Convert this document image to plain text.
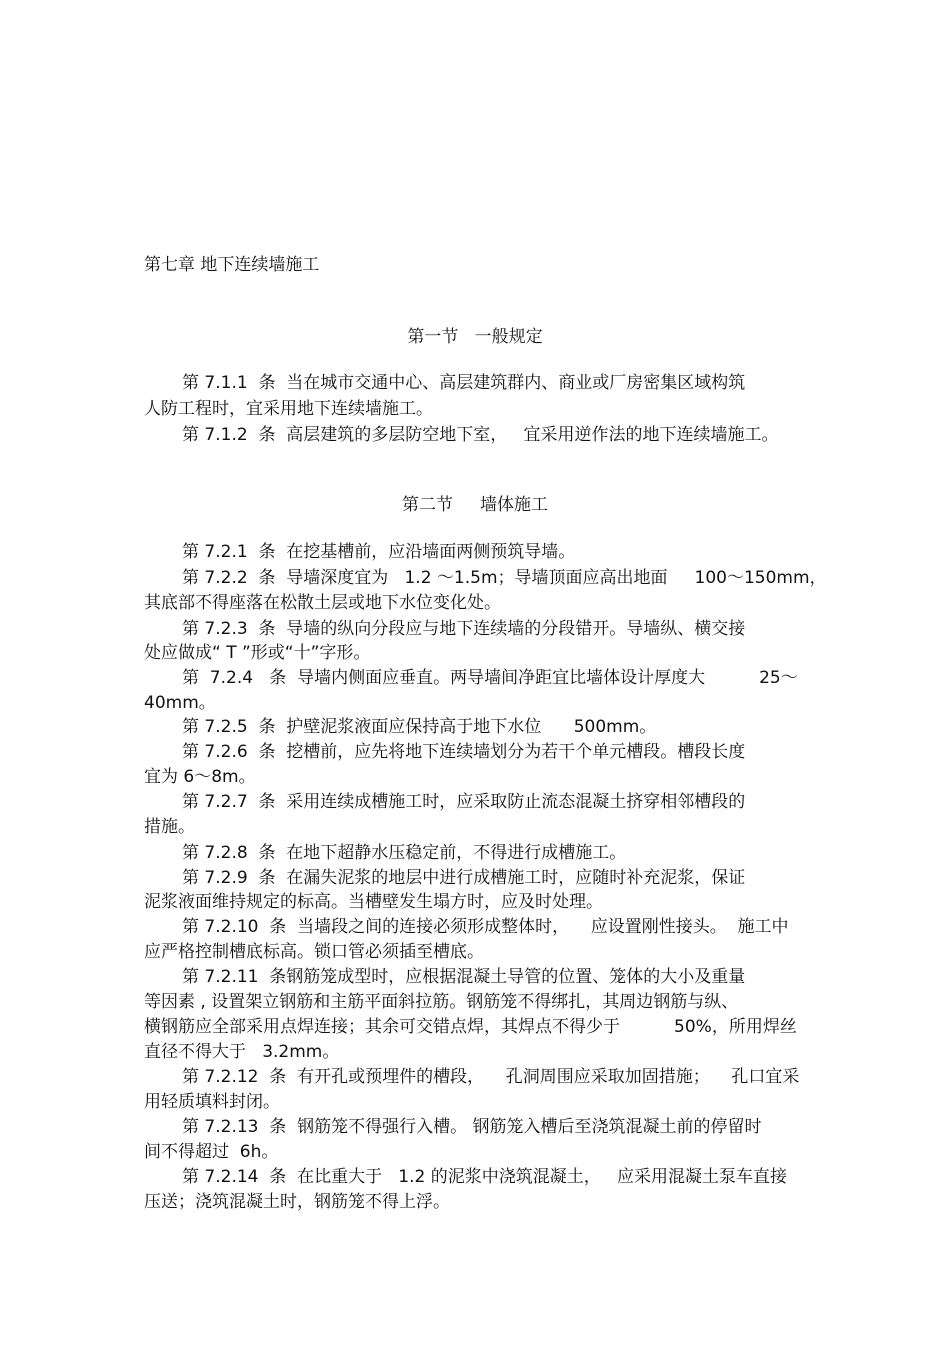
第七章 地下连续墙施工
第一节   一般规定
第 7.1.1  条  当在城市交通中心、高层建筑群内、商业或厂房密集区域构筑
人防工程时，宜采用地下连续墙施工。
第 7.1.2  条  高层建筑的多层防空地下室，   宜采用逆作法的地下连续墙施工。
第二节     墙体施工
第 7.2.1  条  在挖基槽前，应沿墙面两侧预筑导墙。
第 7.2.2  条  导墙深度宜为   1.2 ～1.5m；导墙顶面应高出地面     100～150mm，
其底部不得座落在松散土层或地下水位变化处。
第 7.2.3  条  导墙的纵向分段应与地下连续墙的分段错开。导墙纵、横交接
处应做成“ T ”形或“十”字形。
第  7.2.4   条  导墙内侧面应垂直。两导墙间净距宜比墙体设计厚度大          25～
40mm。
第 7.2.5  条  护壁泥浆液面应保持高于地下水位      500mm。
第 7.2.6  条  挖槽前，应先将地下连续墙划分为若干个单元槽段。槽段长度
宜为 6～8m。
第 7.2.7  条  采用连续成槽施工时，应采取防止流态混凝土挤穿相邻槽段的
措施。
第 7.2.8  条  在地下超静水压稳定前，不得进行成槽施工。
第 7.2.9  条  在漏失泥浆的地层中进行成槽施工时，应随时补充泥浆，保证
泥浆液面维持规定的标高。当槽壁发生塌方时，应及时处理。
第 7.2.10  条  当墙段之间的连接必须形成整体时，    应设置刚性接头。  施工中
应严格控制槽底标高。锁口管必须插至槽底。
第 7.2.11  条钢筋笼成型时，应根据混凝土导管的位置、笼体的大小及重量
等因素 , 设置架立钢筋和主筋平面斜拉筋。钢筋笼不得绑扎，其周边钢筋与纵、
横钢筋应全部采用点焊连接；其余可交错点焊，其焊点不得少于          50%，所用焊丝
直径不得大于   3.2mm。
第 7.2.12  条  有开孔或预埋件的槽段，    孔洞周围应采取加固措施；    孔口宜采
用轻质填料封闭。
第 7.2.13  条  钢筋笼不得强行入槽。 钢筋笼入槽后至浇筑混凝土前的停留时
间不得超过  6h。
第 7.2.14  条  在比重大于   1.2 的泥浆中浇筑混凝土，   应采用混凝土泵车直接
压送；浇筑混凝土时，钢筋笼不得上浮。
